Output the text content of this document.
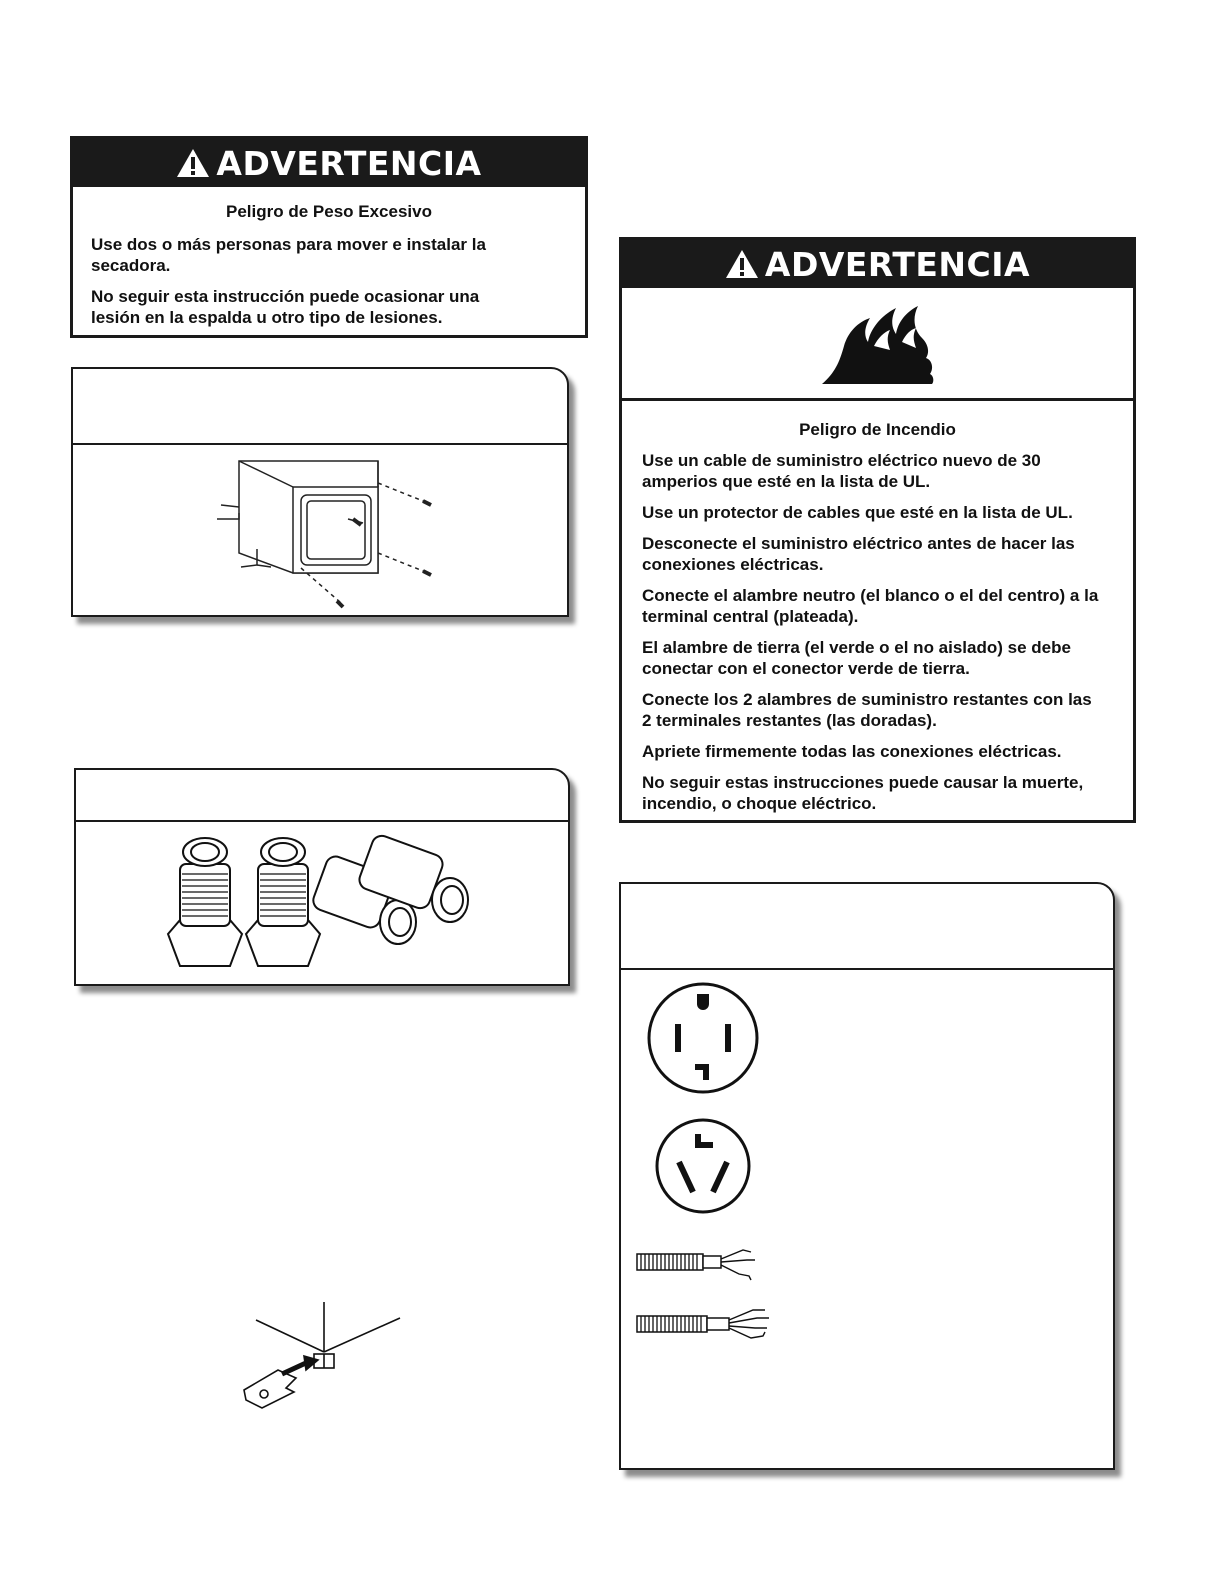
ADVERTENCIA
Peligro de Peso Excesivo

Use dos o más personas para mover e instalar la secadora.

No seguir esta instrucción puede ocasionar una lesión en la espalda u otro tipo de lesiones.

ADVERTENCIA
Peligro de Incendio

Use un cable de suministro eléctrico nuevo de 30 amperios que esté en la lista de UL.

Use un protector de cables que esté en la lista de UL.

Desconecte el suministro eléctrico antes de hacer las conexiones eléctricas.

Conecte el alambre neutro (el blanco o el del centro) a la terminal central (plateada).

El alambre de tierra (el verde o el no aislado) se debe conectar con el conector verde de tierra.

Conecte los 2 alambres de suministro restantes con las 2 terminales restantes (las doradas).

Apriete firmemente todas las conexiones eléctricas.

No seguir estas instrucciones puede causar la muerte, incendio, o choque eléctrico.
